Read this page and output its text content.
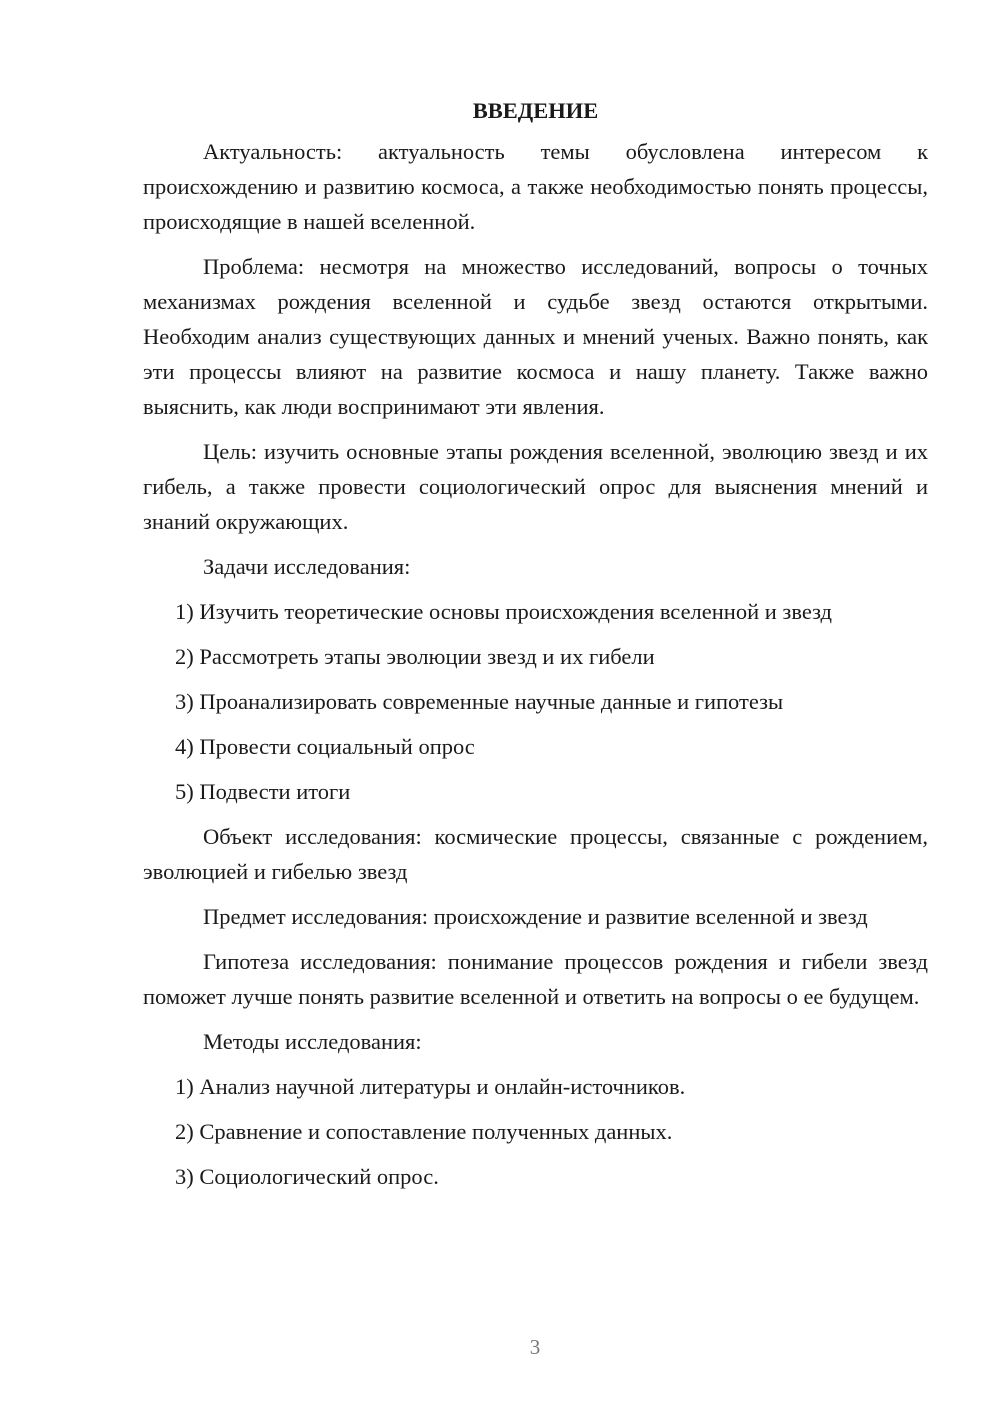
ВВЕДЕНИЕ

Актуальность: актуальность темы обусловлена интересом к происхождению и развитию космоса, а также необходимостью понять процессы, происходящие в нашей вселенной.

Проблема: несмотря на множество исследований, вопросы о точных механизмах рождения вселенной и судьбе звезд остаются открытыми. Необходим анализ существующих данных и мнений ученых. Важно понять, как эти процессы влияют на развитие космоса и нашу планету. Также важно выяснить, как люди воспринимают эти явления.

Цель: изучить основные этапы рождения вселенной, эволюцию звезд и их гибель, а также провести социологический опрос для выяснения мнений и знаний окружающих.

Задачи исследования:

1) Изучить теоретические основы происхождения вселенной и звезд

2) Рассмотреть этапы эволюции звезд и их гибели

3) Проанализировать современные научные данные и гипотезы

4) Провести социальный опрос

5) Подвести итоги

Объект исследования: космические процессы, связанные с рождением, эволюцией и гибелью звезд

Предмет исследования: происхождение и развитие вселенной и звезд

Гипотеза исследования: понимание процессов рождения и гибели звезд поможет лучше понять развитие вселенной и ответить на вопросы о ее будущем.

Методы исследования:

1) Анализ научной литературы и онлайн-источников.

2) Сравнение и сопоставление полученных данных.

3) Социологический опрос.

3
